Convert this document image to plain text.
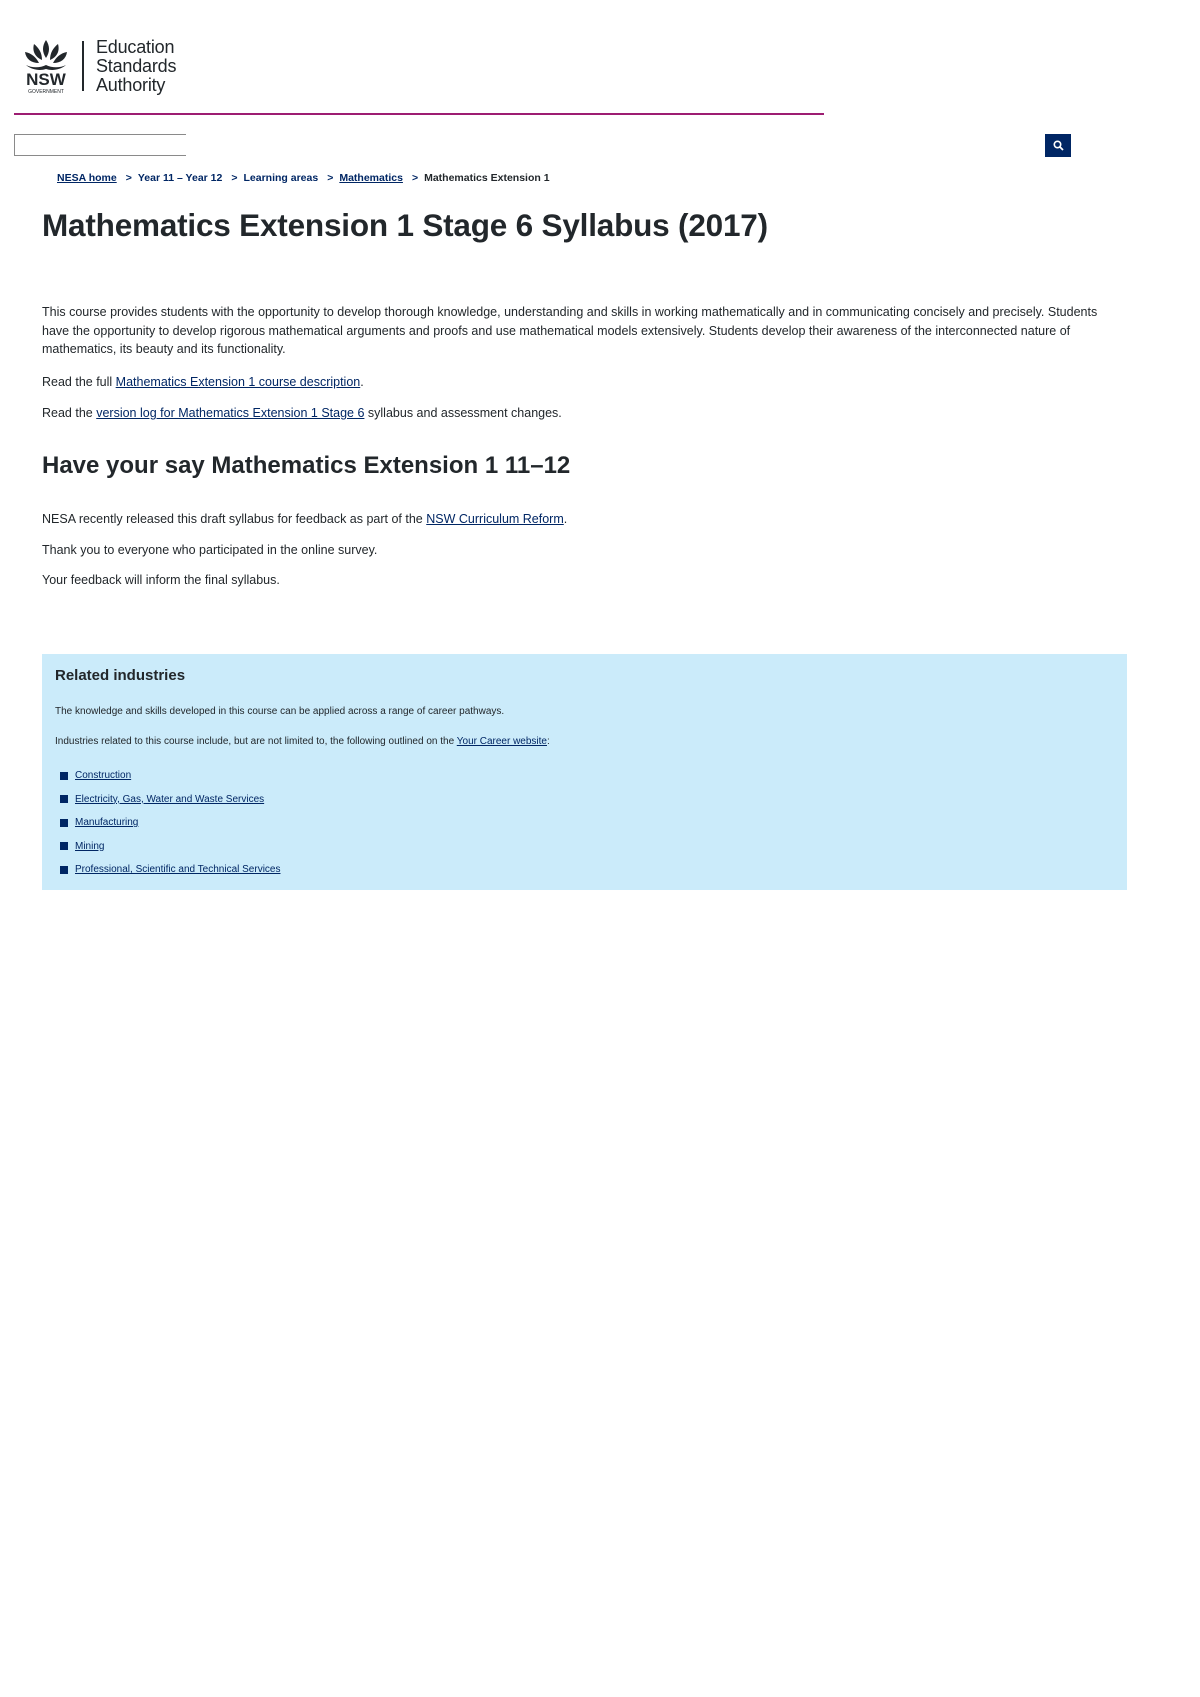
NSW
GOVERNMENT
Education
Standards
Authority
NESA home > Year 11 – Year 12 > Learning areas > Mathematics > Mathematics Extension 1
Mathematics Extension 1 Stage 6 Syllabus (2017)

This course provides students with the opportunity to develop thorough knowledge, understanding and skills in working mathematically and in communicating concisely and precisely. Students have the opportunity to develop rigorous mathematical arguments and proofs and use mathematical models extensively. Students develop their awareness of the interconnected nature of mathematics, its beauty and its functionality.

Read the full Mathematics Extension 1 course description.

Read the version log for Mathematics Extension 1 Stage 6 syllabus and assessment changes.

Have your say Mathematics Extension 1 11–12

NESA recently released this draft syllabus for feedback as part of the NSW Curriculum Reform.

Thank you to everyone who participated in the online survey.

Your feedback will inform the final syllabus.

Related industries

The knowledge and skills developed in this course can be applied across a range of career pathways.

Industries related to this course include, but are not limited to, the following outlined on the Your Career website:

Construction
Electricity, Gas, Water and Waste Services
Manufacturing
Mining
Professional, Scientific and Technical Services
